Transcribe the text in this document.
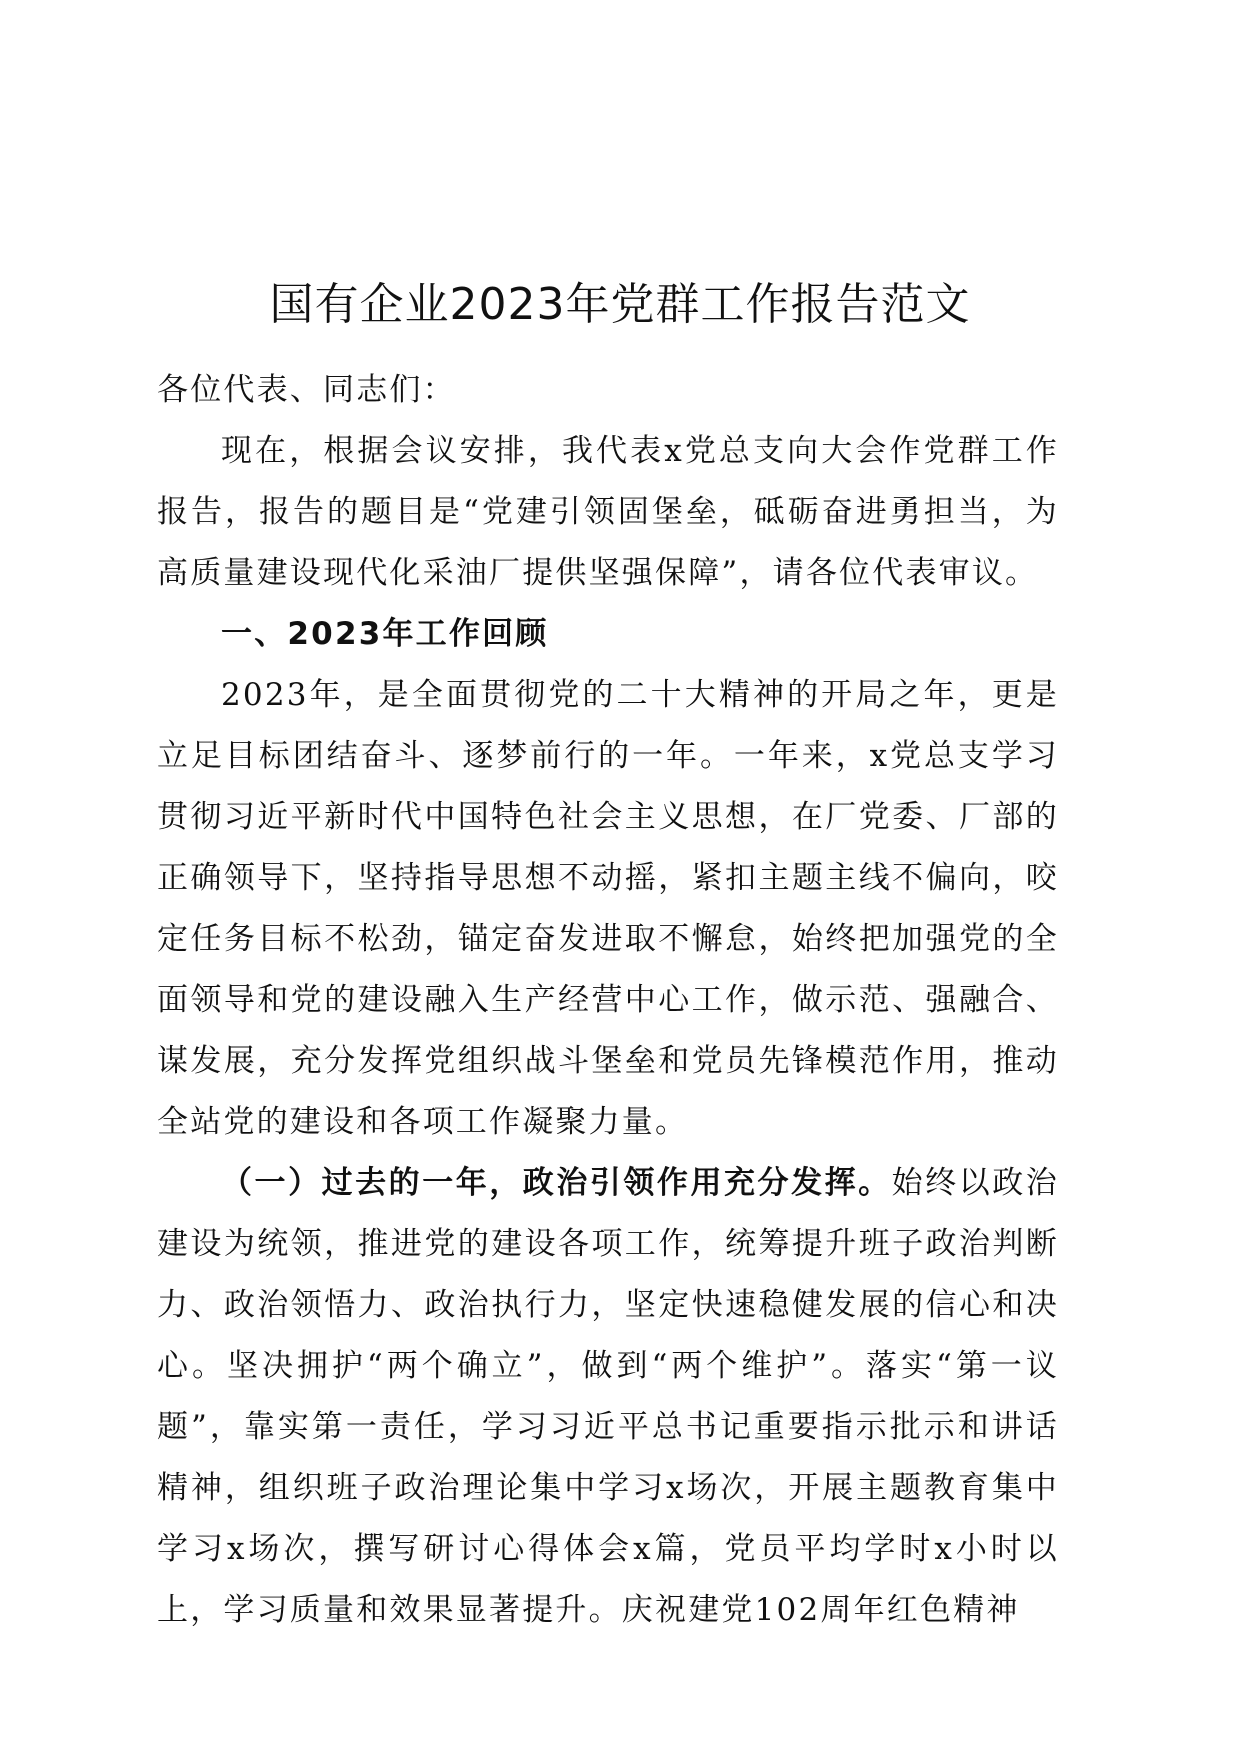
国有企业2023年党群工作报告范文

各位代表、同志们：

现在，根据会议安排，我代表x党总支向大会作党群工作报告，报告的题目是“党建引领固堡垒，砥砺奋进勇担当，为高质量建设现代化采油厂提供坚强保障”，请各位代表审议。

一、2023年工作回顾

2023年，是全面贯彻党的二十大精神的开局之年，更是立足目标团结奋斗、逐梦前行的一年。一年来，x党总支学习贯彻习近平新时代中国特色社会主义思想，在厂党委、厂部的正确领导下，坚持指导思想不动摇，紧扣主题主线不偏向，咬定任务目标不松劲，锚定奋发进取不懈怠，始终把加强党的全面领导和党的建设融入生产经营中心工作，做示范、强融合、谋发展，充分发挥党组织战斗堡垒和党员先锋模范作用，推动全站党的建设和各项工作凝聚力量。

（一）过去的一年，政治引领作用充分发挥。始终以政治建设为统领，推进党的建设各项工作，统筹提升班子政治判断力、政治领悟力、政治执行力，坚定快速稳健发展的信心和决心。坚决拥护“两个确立”，做到“两个维护”。落实“第一议题”，靠实第一责任，学习习近平总书记重要指示批示和讲话精神，组织班子政治理论集中学习x场次，开展主题教育集中学习x场次，撰写研讨心得体会x篇，党员平均学时x小时以上，学习质量和效果显著提升。庆祝建党102周年红色精神
